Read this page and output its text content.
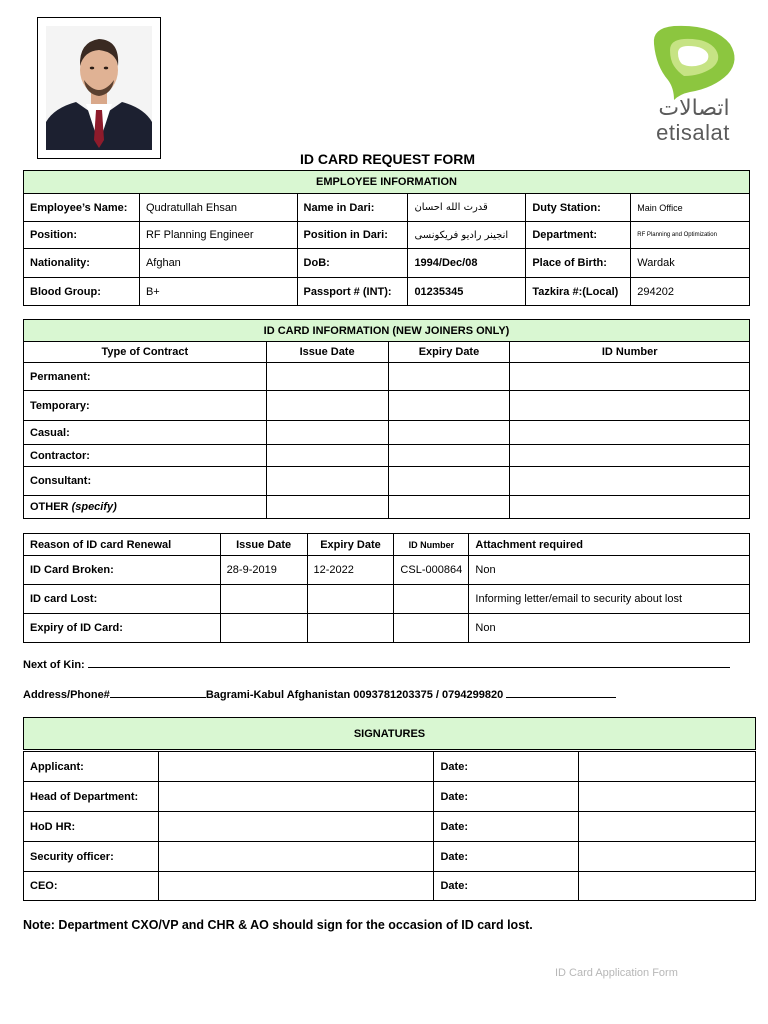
اتصالات
etisalat
ID CARD REQUEST FORM
EMPLOYEE INFORMATION					
Employee’s Name:	Qudratullah Ehsan	Name in Dari:	قدرت الله احسان	Duty Station:	Main Office
Position:	RF Planning Engineer	Position in Dari:	انجینر رادیو فریکونسی	Department:	RF Planning and Optimization
Nationality:	Afghan	DoB:	1994/Dec/08	Place of Birth:	Wardak
Blood Group:	B+	Passport # (INT):	01235345	Tazkira #:(Local)	294202
ID CARD INFORMATION (NEW JOINERS ONLY)			
Type of Contract	Issue Date	Expiry Date	ID Number
Permanent:			
Temporary:			
Casual:			
Contractor:			
Consultant:			
OTHER (specify)			
Reason of ID card Renewal	Issue Date	Expiry Date	ID Number	Attachment required
ID Card Broken:	28-9-2019	12-2022	CSL-000864	Non
ID card Lost:				Informing letter/email to security about lost
Expiry of ID Card:				Non
Next of Kin:
Address/Phone#	Bagrami-Kabul Afghanistan 0093781203375 / 0794299820
SIGNATURES			
Applicant:		Date:	
Head of Department:		Date:	
HoD HR:		Date:	
Security officer:		Date:	
CEO:		Date:	
Note: Department CXO/VP and CHR & AO should sign for the occasion of ID card lost.
ID Card Application Form
